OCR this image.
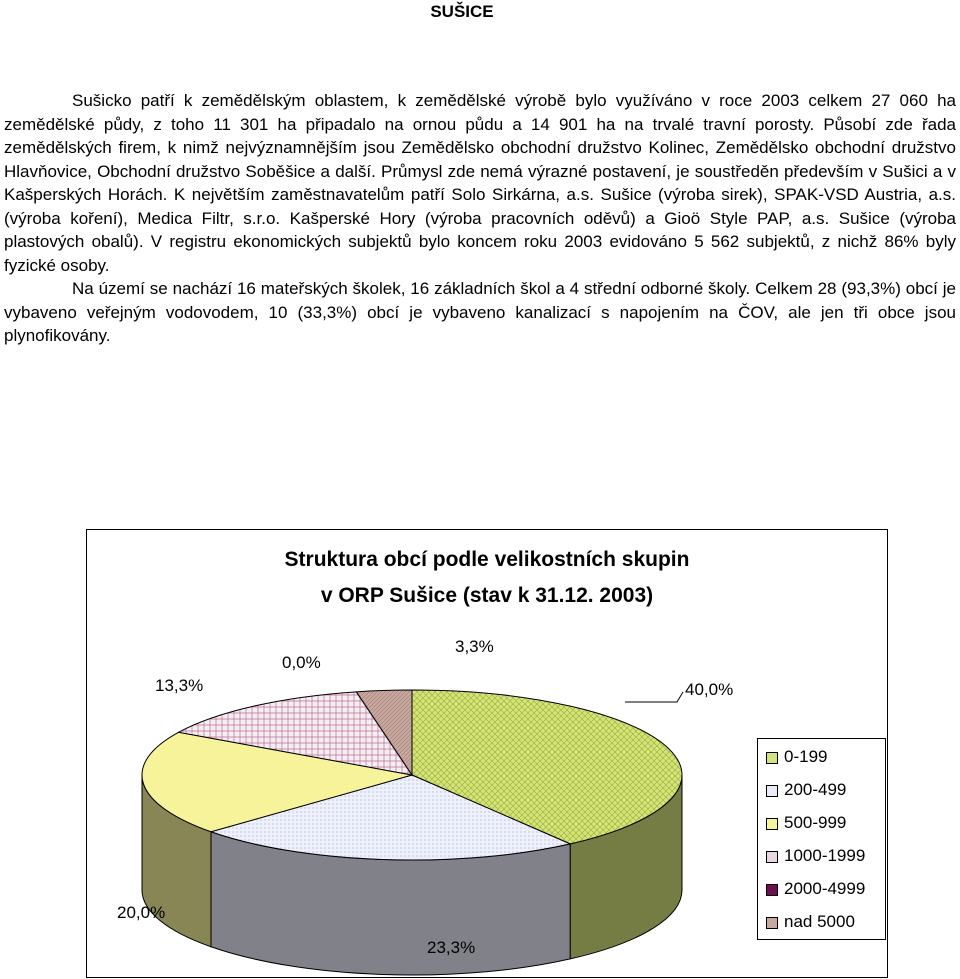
SUŠICE

Sušicko patří k zemědělským oblastem, k zemědělské výrobě bylo využíváno v roce 2003 celkem 27 060 ha zemědělské půdy, z toho 11 301 ha připadalo na ornou půdu a 14 901 ha na trvalé travní porosty. Působí zde řada zemědělských firem, k nimž nejvýznamnějším jsou Zemědělsko obchodní družstvo Kolinec, Zemědělsko obchodní družstvo Hlavňovice, Obchodní družstvo Soběšice a další. Průmysl zde nemá výrazné postavení, je soustředěn především v Sušici a v Kašperských Horách. K největším zaměstnavatelům patří Solo Sirkárna, a.s. Sušice (výroba sirek), SPAK-VSD Austria, a.s. (výroba koření), Medica Filtr, s.r.o. Kašperské Hory (výroba pracovních oděvů) a Gioö Style PAP, a.s. Sušice (výroba plastových obalů). V registru ekonomických subjektů bylo koncem roku 2003 evidováno 5 562 subjektů, z nichž 86% byly fyzické osoby.

Na území se nachází 16 mateřských školek, 16 základních škol a 4 střední odborné školy. Celkem 28 (93,3%) obcí je vybaveno veřejným vodovodem, 10 (33,3%) obcí je vybaveno kanalizací s napojením na ČOV, ale jen tři obce jsou plynofikovány.

Struktura obcí podle velikostních skupin
v ORP Sušice (stav k 31.12. 2003)
40,0%
23,3%
20,0%
13,3%
0,0%
3,3%
0-199
200-499
500-999
1000-1999
2000-4999
nad 5000
